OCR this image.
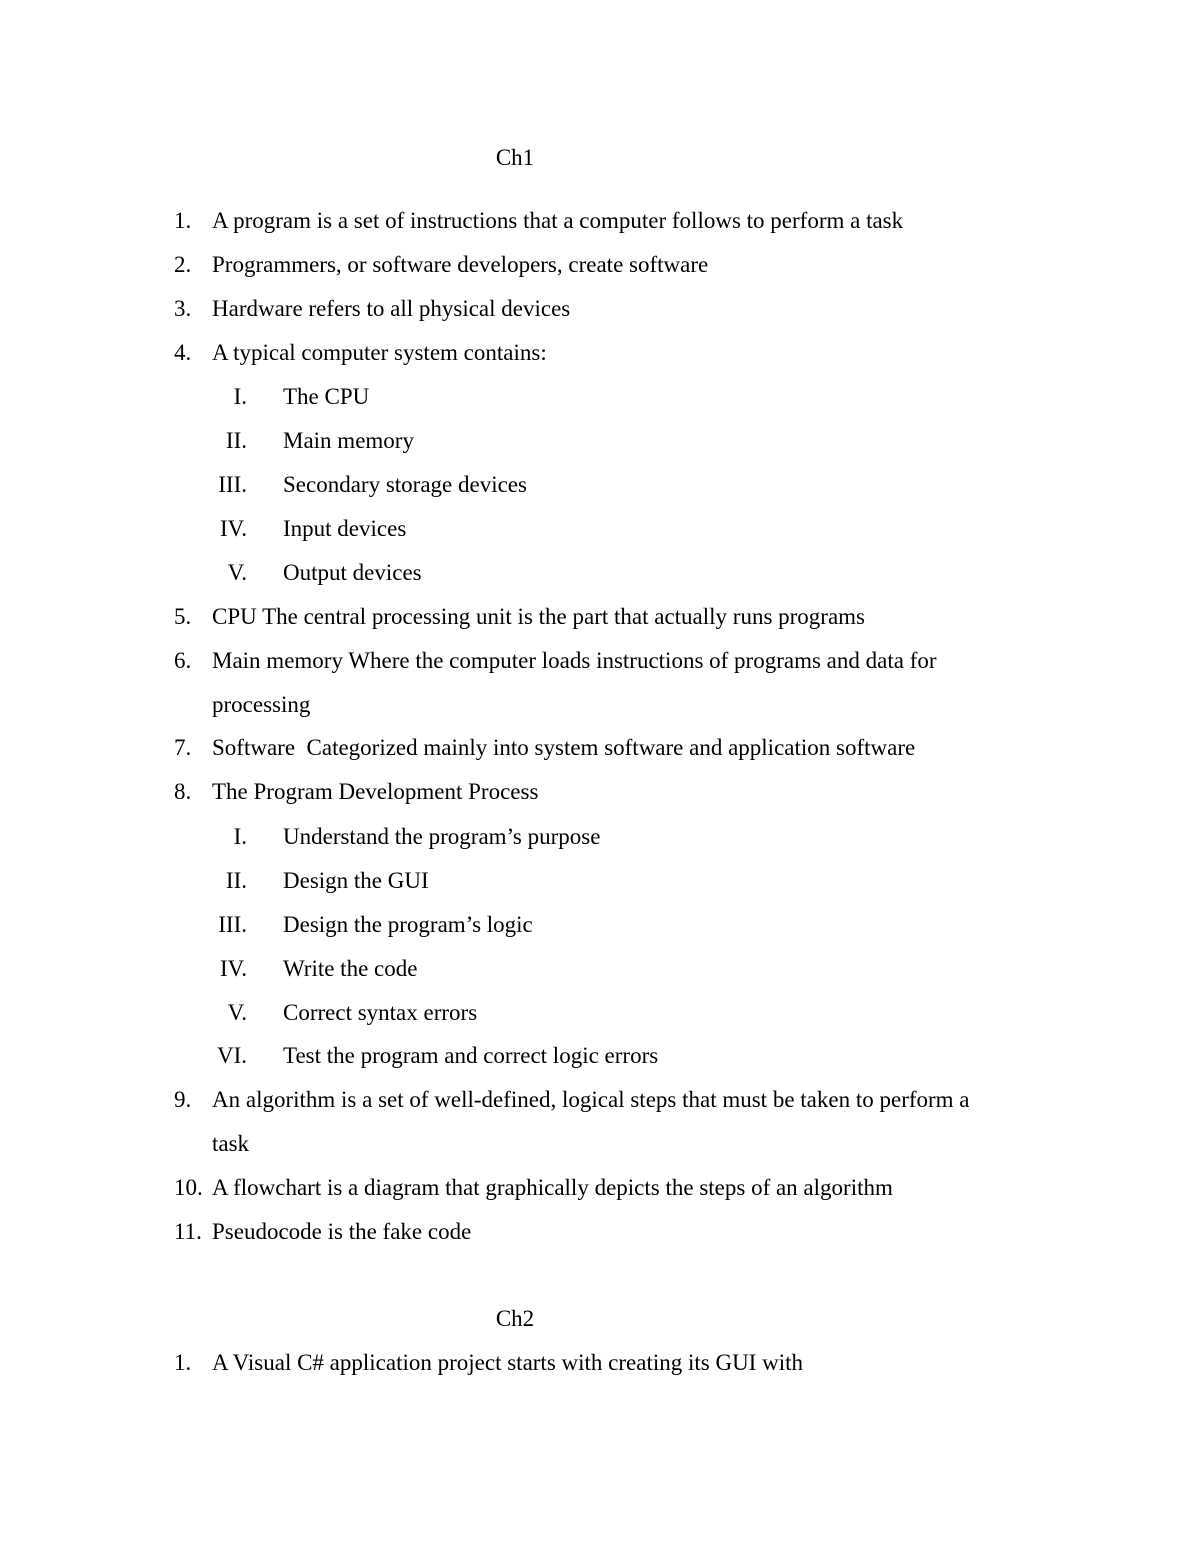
Ch1
1. A program is a set of instructions that a computer follows to perform a task
2. Programmers, or software developers, create software
3. Hardware refers to all physical devices
4. A typical computer system contains:
I. The CPU
II. Main memory
III. Secondary storage devices
IV. Input devices
V. Output devices
5. CPU The central processing unit is the part that actually runs programs
6. Main memory Where the computer loads instructions of programs and data for
processing
7. Software  Categorized mainly into system software and application software
8. The Program Development Process
I. Understand the program’s purpose
II. Design the GUI
III. Design the program’s logic
IV. Write the code
V. Correct syntax errors
VI. Test the program and correct logic errors
9. An algorithm is a set of well-defined, logical steps that must be taken to perform a
task
10. A flowchart is a diagram that graphically depicts the steps of an algorithm
11. Pseudocode is the fake code
Ch2
1. A Visual C# application project starts with creating its GUI with
